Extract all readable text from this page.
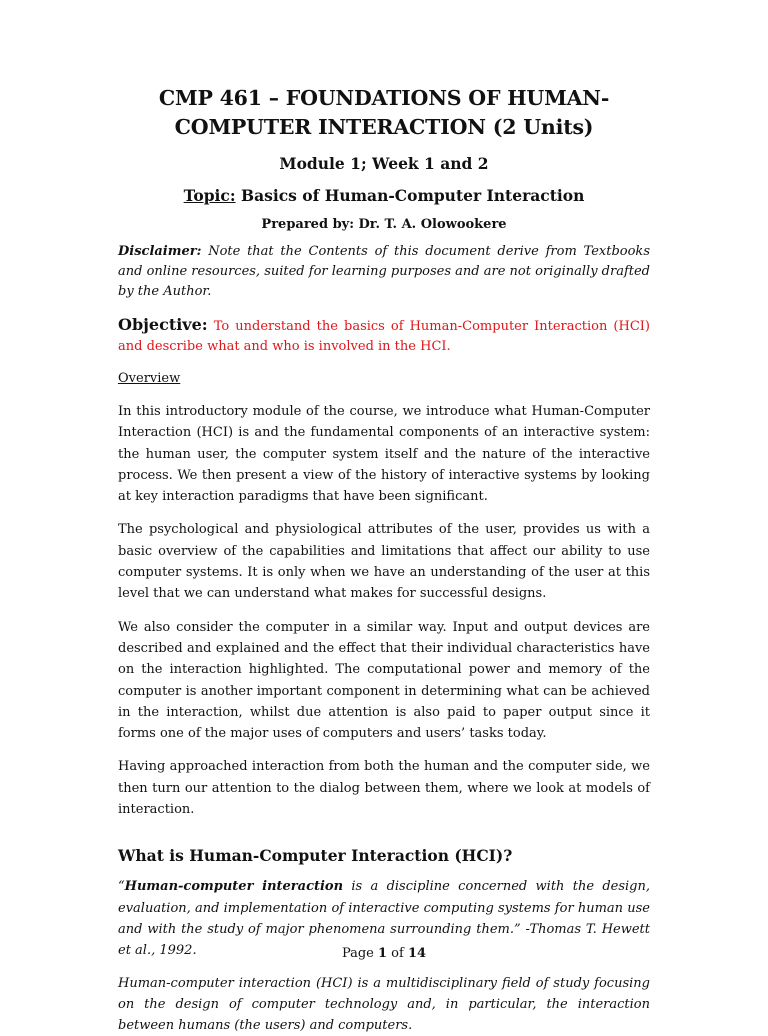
CMP 461 – FOUNDATIONS OF HUMAN-
COMPUTER INTERACTION (2 Units)

Module 1; Week 1 and 2

Topic: Basics of Human-Computer Interaction

Prepared by: Dr. T. A. Olowookere

Disclaimer: Note that the Contents of this document derive from Textbooks and online resources, suited for learning purposes and are not originally drafted by the Author.

Objective: To understand the basics of Human-Computer Interaction (HCI) and describe what and who is involved in the HCI.

Overview

In this introductory module of the course, we introduce what Human-Computer Interaction (HCI) is and the fundamental components of an interactive system: the human user, the computer system itself and the nature of the interactive process. We then present a view of the history of interactive systems by looking at key interaction paradigms that have been significant.

The psychological and physiological attributes of the user, provides us with a basic overview of the capabilities and limitations that affect our ability to use computer systems. It is only when we have an understanding of the user at this level that we can understand what makes for successful designs.

We also consider the computer in a similar way. Input and output devices are described and explained and the effect that their individual characteristics have on the interaction highlighted. The computational power and memory of the computer is another important component in determining what can be achieved in the interaction, whilst due attention is also paid to paper output since it forms one of the major uses of computers and users’ tasks today.

Having approached interaction from both the human and the computer side, we then turn our attention to the dialog between them, where we look at models of interaction.

What is Human-Computer Interaction (HCI)?

“Human-computer interaction is a discipline concerned with the design, evaluation, and implementation of interactive computing systems for human use and with the study of major phenomena surrounding them.” -Thomas T. Hewett et al., 1992.

Human-computer interaction (HCI) is a multidisciplinary field of study focusing on the design of computer technology and, in particular, the interaction between humans (the users) and computers.

Page 1 of 14
